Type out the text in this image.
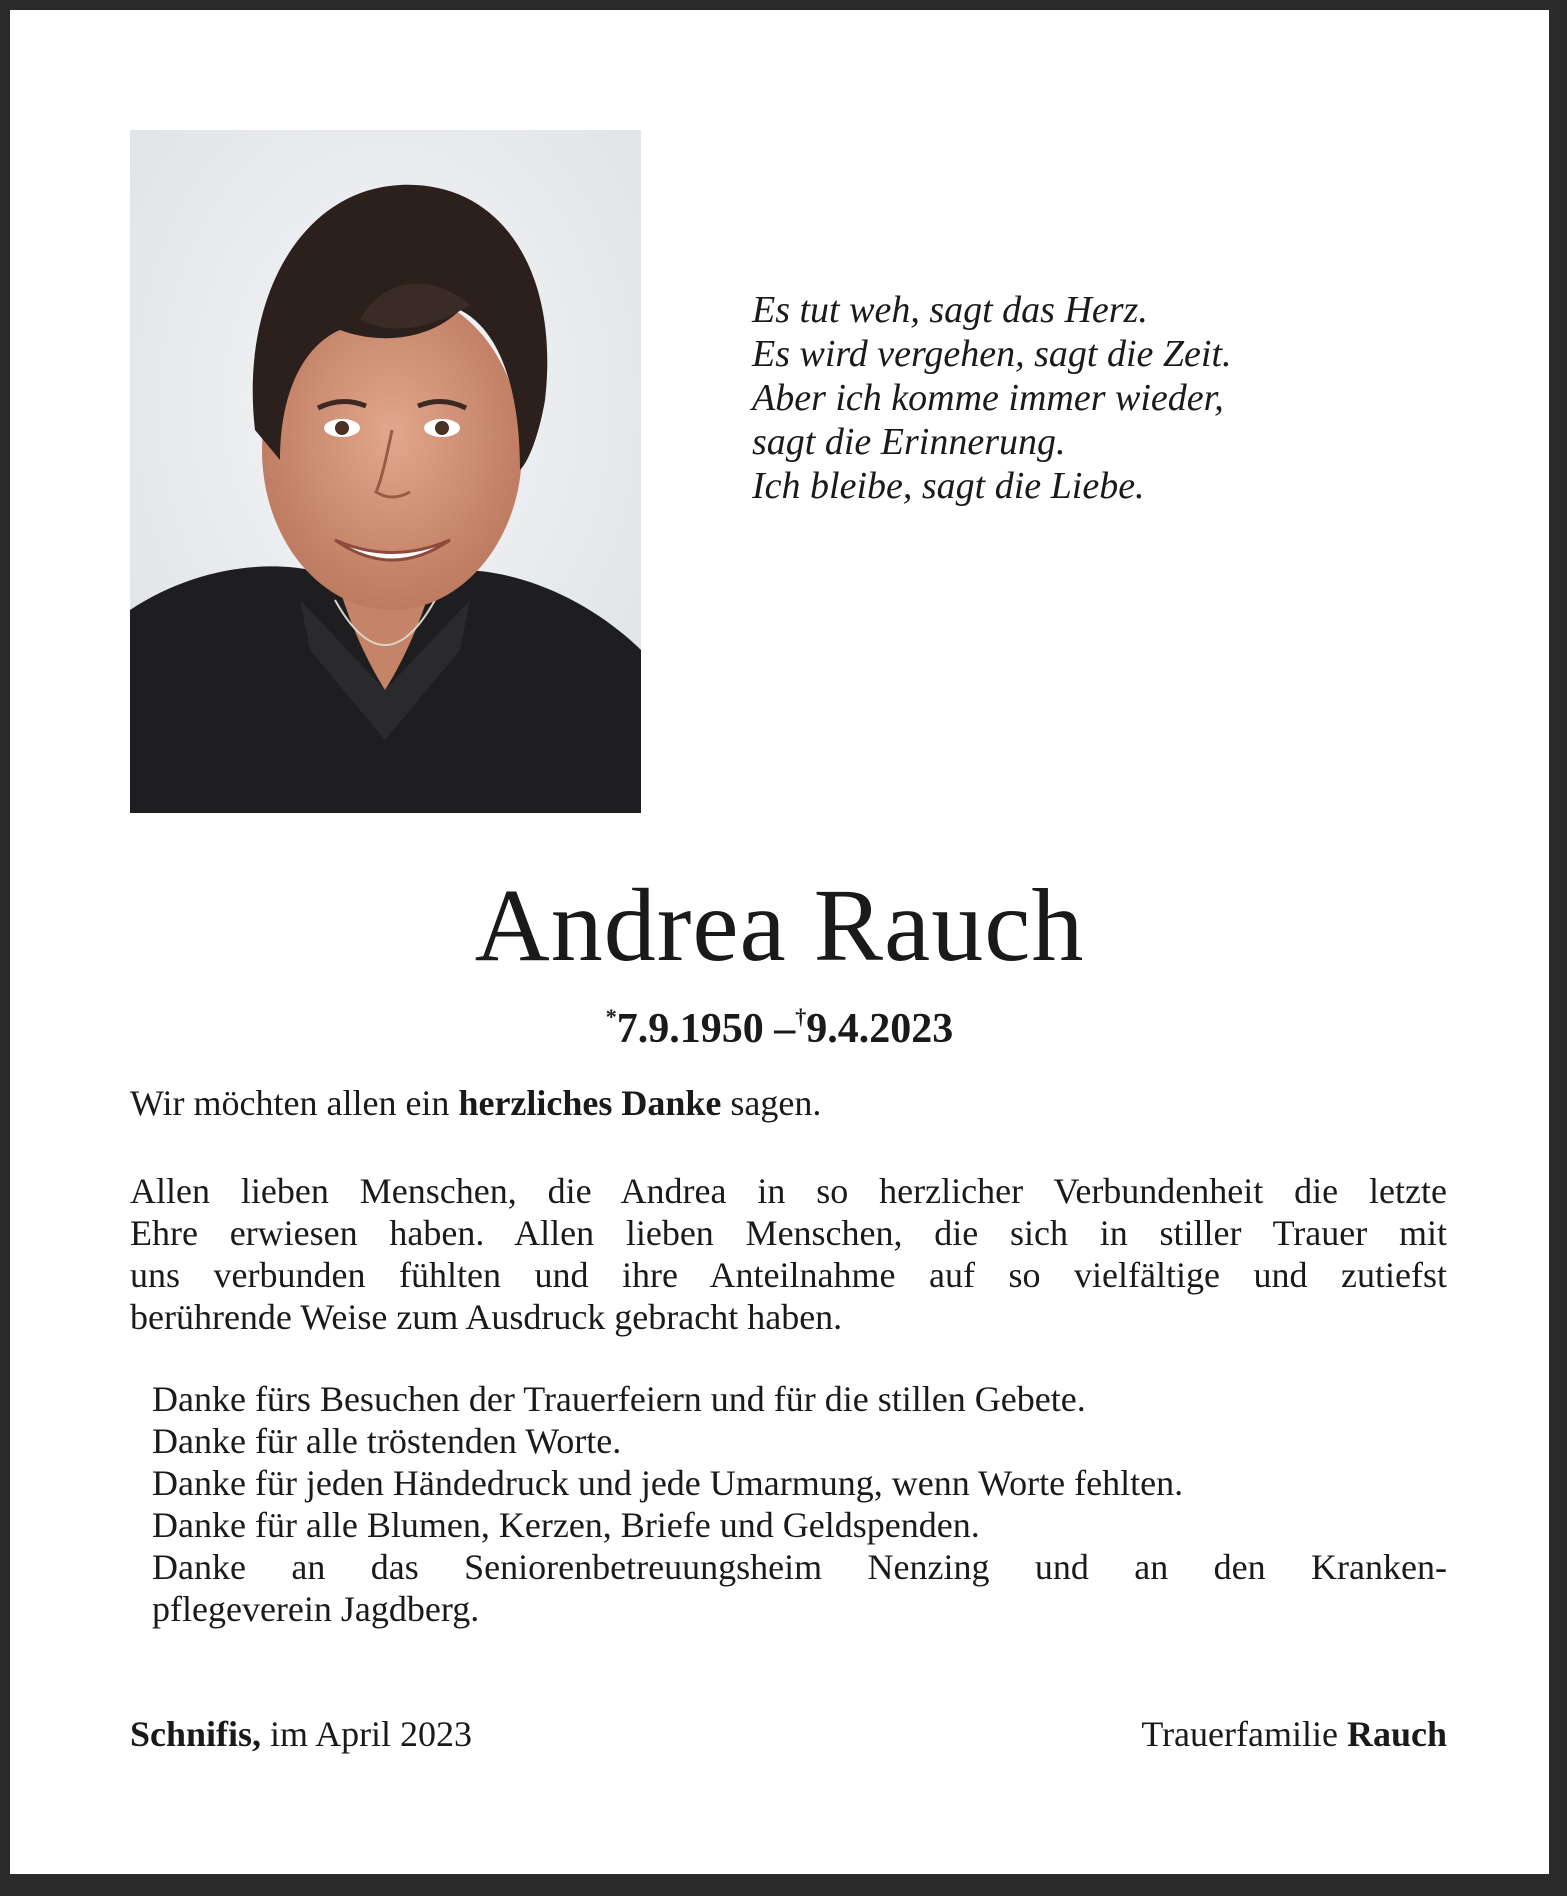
Es tut weh, sagt das Herz.
Es wird vergehen, sagt die Zeit.
Aber ich komme immer wieder,
sagt die Erinnerung.
Ich bleibe, sagt die Liebe.
Andrea Rauch
*7.9.1950 –†9.4.2023
Wir möchten allen ein herzliches Danke sagen.
Allen lieben Menschen, die Andrea in so herzlicher Verbundenheit die letzte
Ehre erwiesen haben. Allen lieben Menschen, die sich in stiller Trauer mit
uns verbunden fühlten und ihre Anteilnahme auf so vielfältige und zutiefst
berührende Weise zum Ausdruck gebracht haben.
Danke fürs Besuchen der Trauerfeiern und für die stillen Gebete.
Danke für alle tröstenden Worte.
Danke für jeden Händedruck und jede Umarmung, wenn Worte fehlten.
Danke für alle Blumen, Kerzen, Briefe und Geldspenden.
Danke an das Seniorenbetreuungsheim Nenzing und an den Kranken-
pflegeverein Jagdberg.
Schnifis, im April 2023	Trauerfamilie Rauch
